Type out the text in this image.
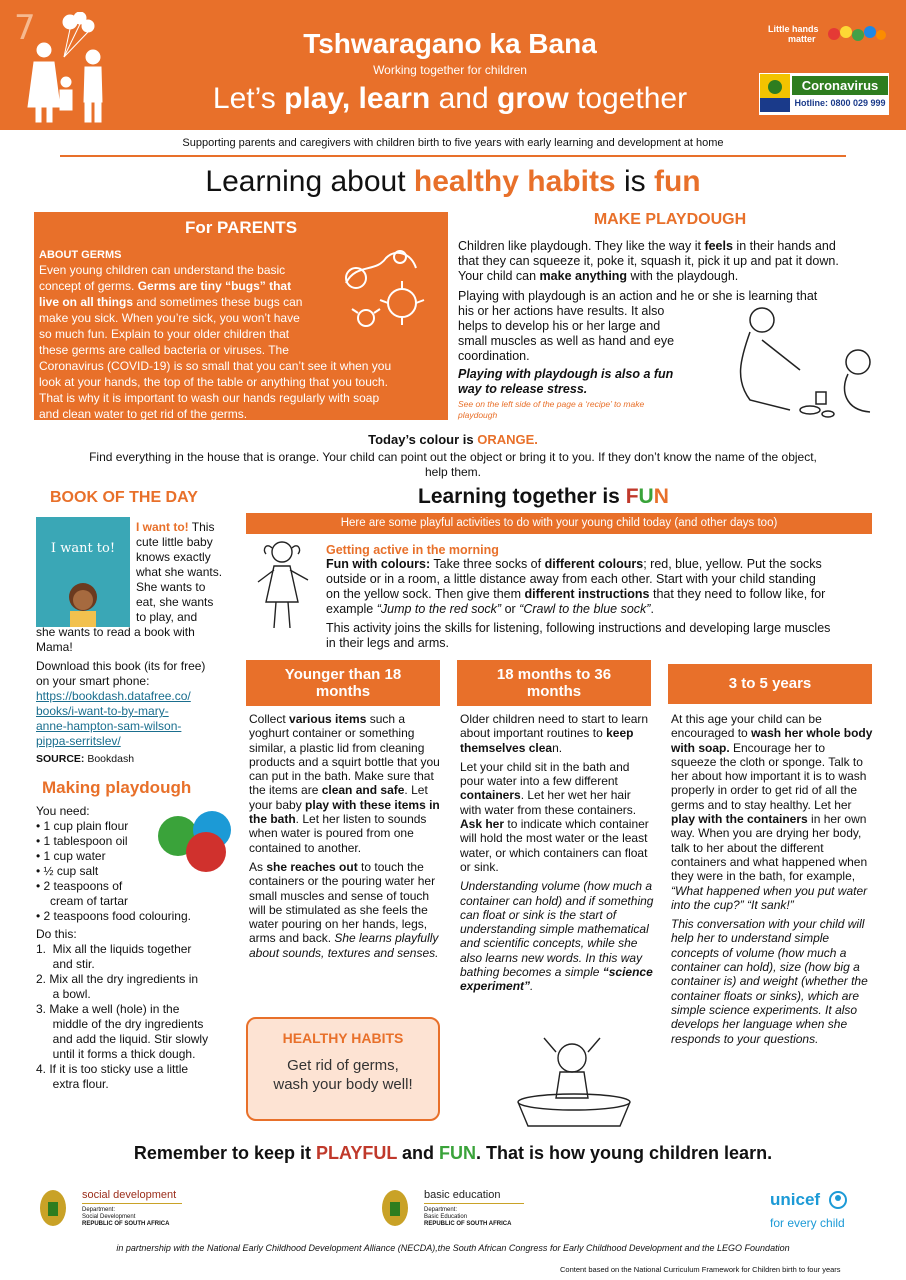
7	Tshwaragano ka Bana
Working together for children
Let’s play, learn and grow together
Little hands
matter
Coronavirus
Hotline: 0800 029 999
Supporting parents and caregivers with children birth to five years with early learning and development at home
Learning about healthy habits is fun
For PARENTS
ABOUT GERMS
Even young children can understand the basic
concept of germs. Germs are tiny “bugs” that
live on all things and sometimes these bugs can
make you sick. When you’re sick, you won’t have
so much fun. Explain to your older children that
these germs are called bacteria or viruses. The
Coronavirus (COVID-19) is so small that you can’t see it when you
look at your hands, the top of the table or anything that you touch.
That is why it is important to wash our hands regularly with soap
and clean water to get rid of the germs.
MAKE PLAYDOUGH
Children like playdough. They like the way it feels in their hands and
that they can squeeze it, poke it, squash it, pick it up and pat it down.
Your child can make anything with the playdough.
Playing with playdough is an action and he or she is learning that
his or her actions have results. It also
helps to develop his or her large and
small muscles as well as hand and eye
coordination.
Playing with playdough is also a fun
way to release stress.
See on the left side of the page a ‘recipe’ to make
playdough
Today’s colour is ORANGE.
Find everything in the house that is orange. Your child can point out the object or bring it to you. If they don’t know the name of the object,
help them.
BOOK OF THE DAY
I want to!
I want to! This
cute little baby
knows exactly
what she wants.
She wants to
eat, she wants
to play, and
she wants to read a book with
Mama!
Download this book (its for free)
on your smart phone:
https://bookdash.datafree.co/
books/i-want-to-by-mary-
anne-hampton-sam-wilson-
pippa-serritslev/
SOURCE: Bookdash
Learning together is FUN
Here are some playful activities to do with your young child today (and other days too)
Getting active in the morning
Fun with colours: Take three socks of different colours; red, blue, yellow. Put the socks
outside or in a room, a little distance away from each other. Start with your child standing
on the yellow sock. Then give them different instructions that they need to follow like, for
example “Jump to the red sock” or “Crawl to the blue sock”.
This activity joins the skills for listening, following instructions and developing large muscles
in their legs and arms.
Making playdough
You need:
• 1 cup plain flour
• 1 tablespoon oil
• 1 cup water
• ½ cup salt
• 2 teaspoons of
cream of tartar
• 2 teaspoons food colouring.
Do this:
1.  Mix all the liquids together
and stir.
2. Mix all the dry ingredients in
a bowl.
3. Make a well (hole) in the
middle of the dry ingredients
and add the liquid. Stir slowly
until it forms a thick dough.
4. If it is too sticky use a little
extra flour.
Younger than 18
months
Collect various items such a yoghurt container or something similar, a plastic lid from cleaning products and a squirt bottle that you can put in the bath. Make sure that the items are clean and safe. Let your baby play with these items in the bath. Let her listen to sounds when water is poured from one contained to another.
As she reaches out to touch the containers or the pouring water her small muscles and sense of touch will be stimulated as she feels the water pouring on her hands, legs, arms and back. She learns playfully about sounds, textures and senses.
18 months to 36
months
Older children need to start to learn about important routines to keep themselves clean.
Let your child sit in the bath and pour water into a few different containers. Let her wet her hair with water from these containers. Ask her to indicate which container will hold the most water or the least water, or which containers can float or sink.
Understanding volume (how much a container can hold) and if something can float or sink is the start of understanding simple mathematical and scientific concepts, while she also learns new words. In this way bathing becomes a simple “science experiment”.
3 to 5 years
At this age your child can be encouraged to wash her whole body with soap. Encourage her to squeeze the cloth or sponge. Talk to her about how important it is to wash properly in order to get rid of all the germs and to stay healthy. Let her play with the containers in her own way. When you are drying her body, talk to her about the different containers and what happened when they were in the bath, for example, “What happened when you put water into the cup?” “It sank!”
This conversation with your child will help her to understand simple concepts of volume (how much a container can hold), size (how big a container is) and weight (whether the container floats or sinks), which are simple science experiments. It also develops her language when she responds to your questions.
HEALTHY HABITS
Get rid of germs,
wash your body well!
Remember to keep it PLAYFUL and FUN. That is how young children learn.
social development
Department:
Social Development
REPUBLIC OF SOUTH AFRICA
basic education
Department:
Basic Education
REPUBLIC OF SOUTH AFRICA
unicef
for every child
in partnership with the National Early Childhood Development Alliance (NECDA),the South African Congress for Early Childhood Development and the LEGO Foundation
Content based on the National Curriculum Framework for Children birth to four years
